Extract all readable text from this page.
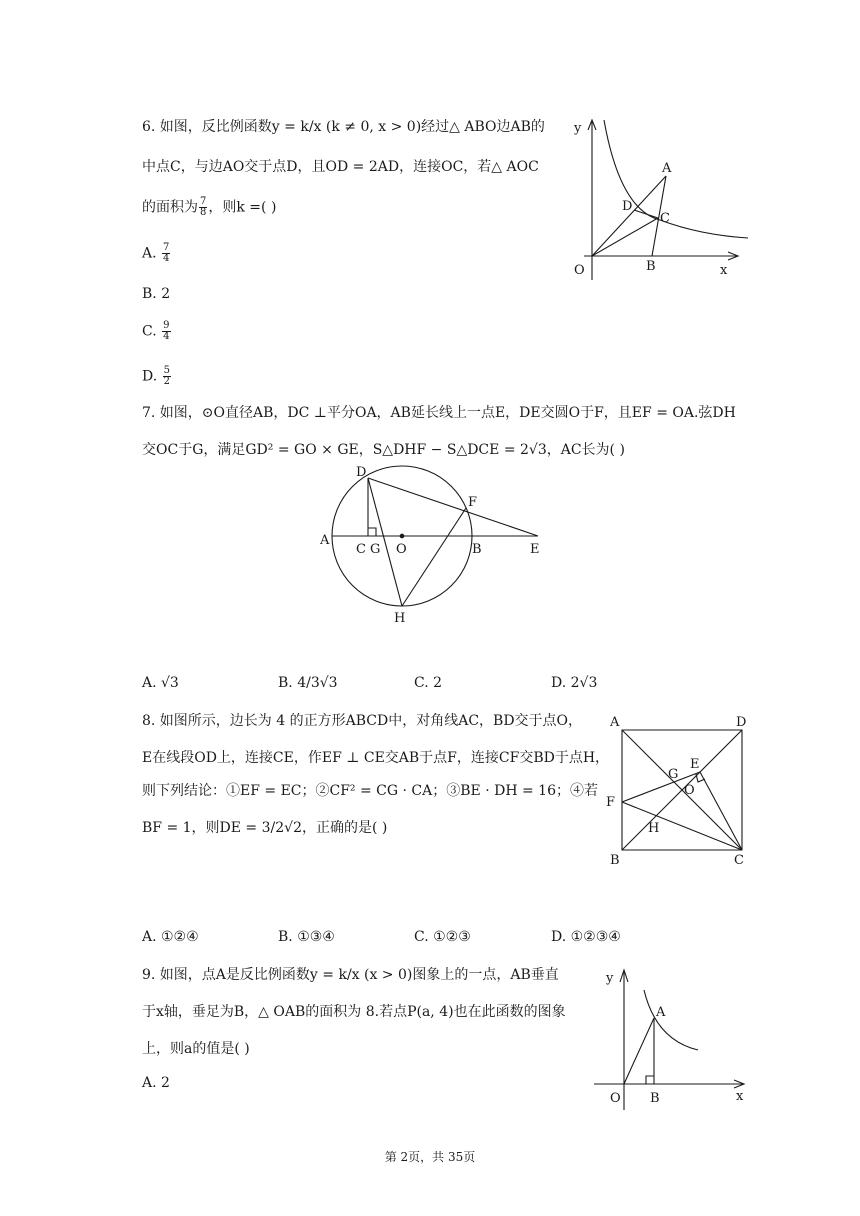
6. 如图，反比例函数y = k/x (k ≠ 0, x > 0)经过△ ABO边AB的
中点C，与边AO交于点D，且OD = 2AD，连接OC，若△ AOC
的面积为 $\frac{7}{8}$ ，则k =( )
A. $\frac{7}{4}$
B. 2
C. $\frac{9}{4}$
D. $\frac{5}{2}$
y
x
O
A
B
C
D
7. 如图，⊙O直径AB，DC ⊥平分OA，AB延长线上一点E，DE交圆O于F，且EF = OA.弦DH
交OC于G，满足GD² = GO × GE，S△DHF − S△DCE = 2√3，AC长为( )
A
C G O	B	E
D
F
H
A. √3	B. 4/3√3	C. 2	D. 2√3
8. 如图所示，边长为 4 的正方形ABCD中，对角线AC，BD交于点O，
E在线段OD上，连接CE，作EF ⊥ CE交AB于点F，连接CF交BD于点H，
则下列结论：①EF = EC；②CF² = CG · CA；③BE · DH = 16；④若
BF = 1，则DE = 3/2√2，正确的是( )
A	D
B	C
E
F
G
H
O
A. ①②④	B. ①③④	C. ①②③	D. ①②③④
9. 如图，点A是反比例函数y = k/x (x > 0)图象上的一点，AB垂直
于x轴，垂足为B，△ OAB的面积为 8.若点P(a, 4)也在此函数的图象
上，则a的值是( )
A. 2
y
x
O
A
B
第 2页，共 35页
